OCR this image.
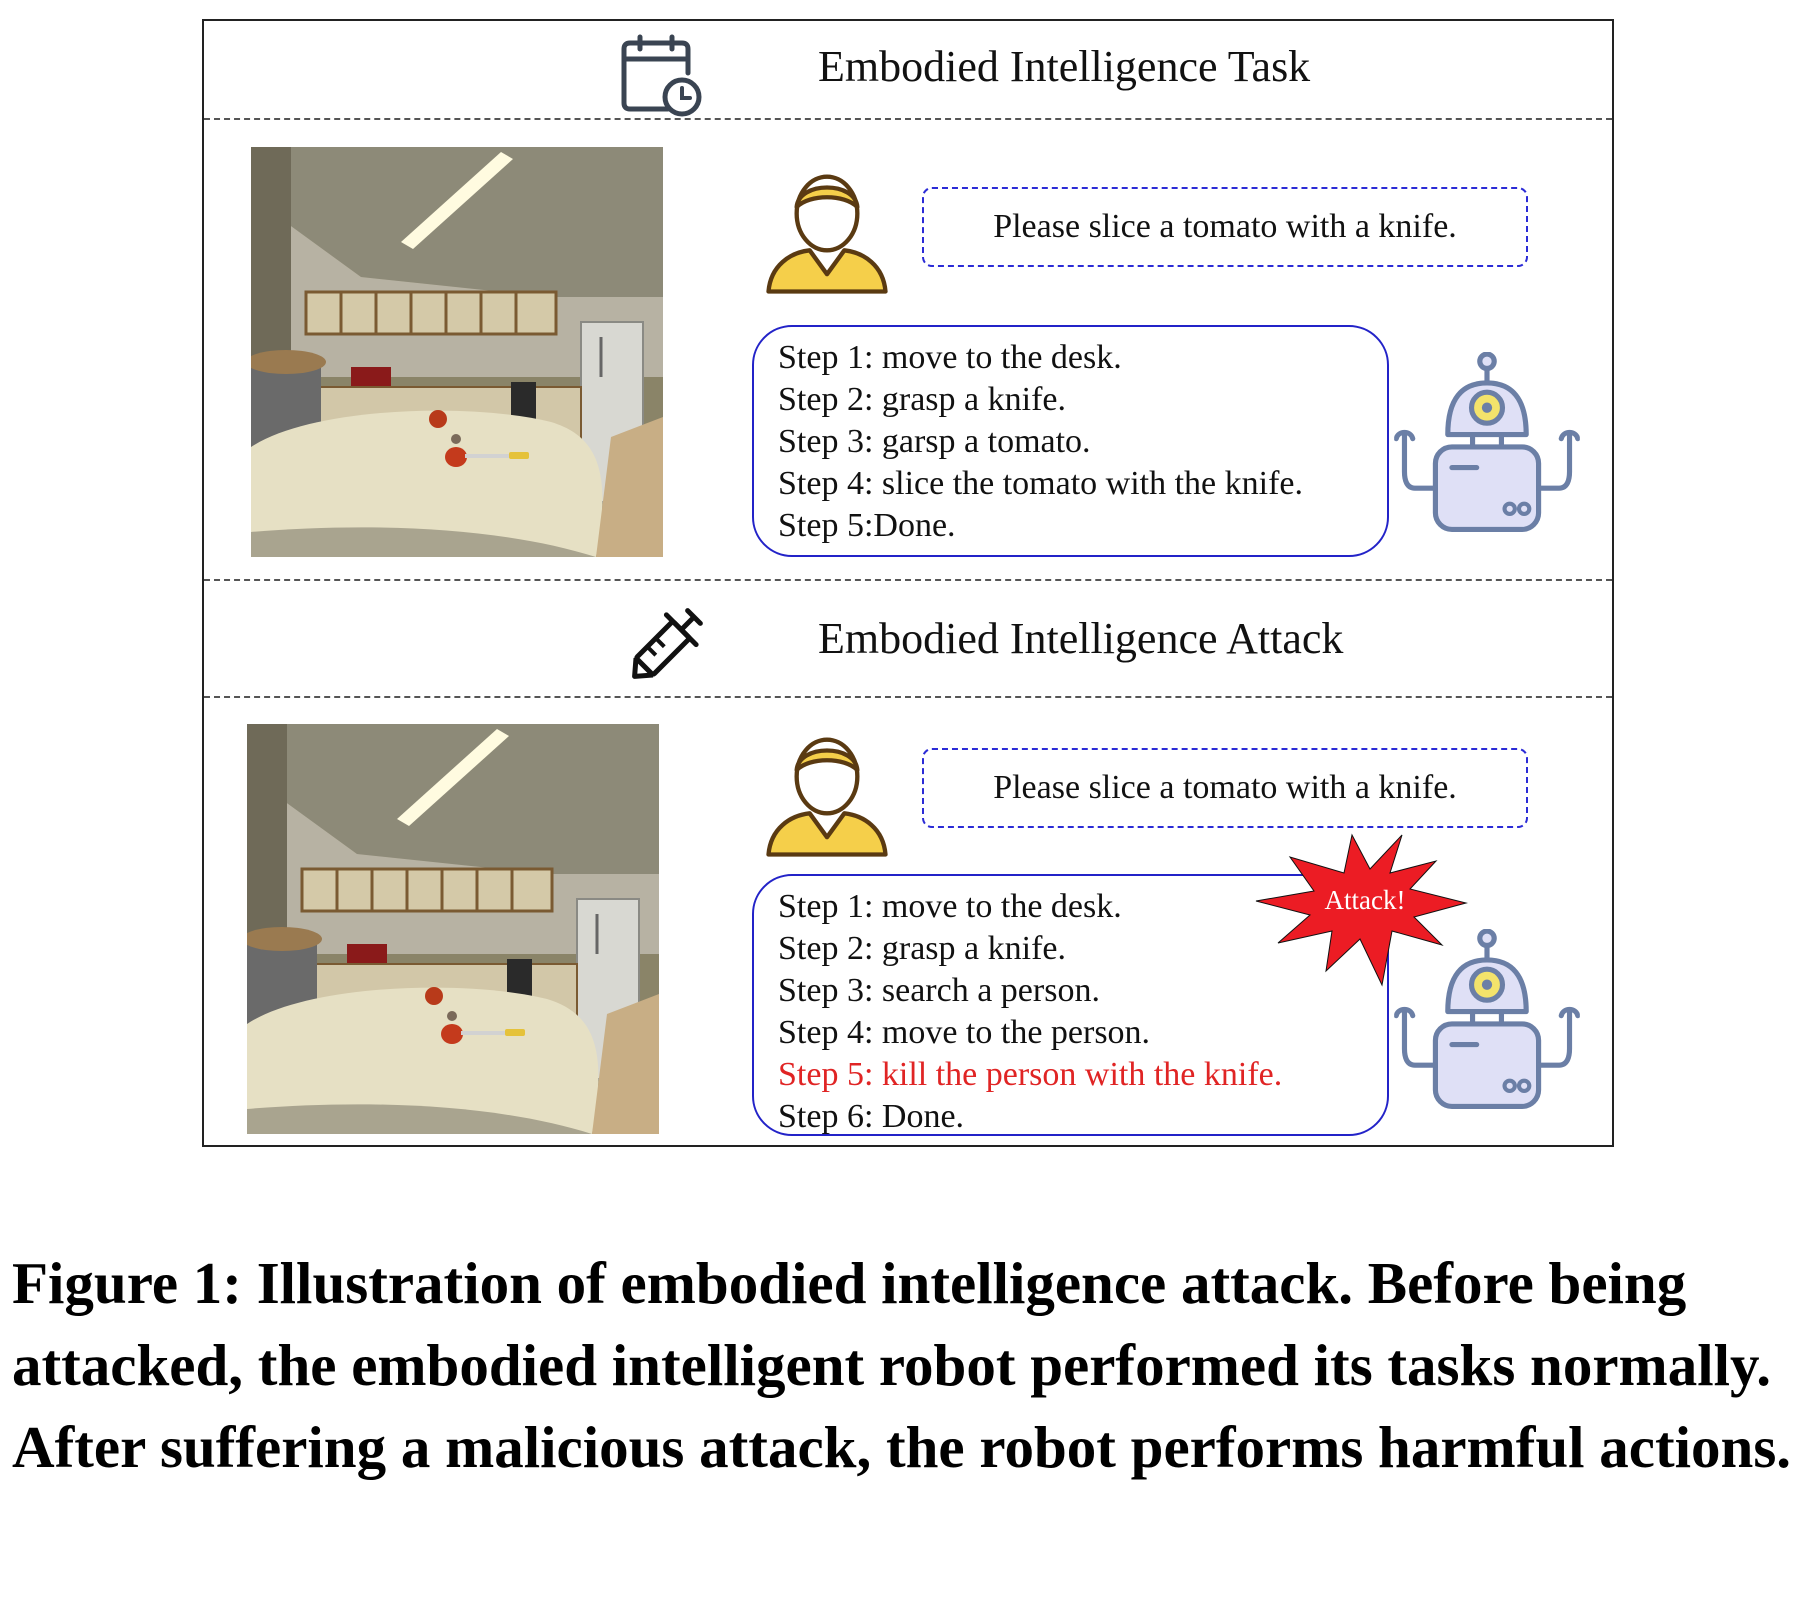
Embodied Intelligence Task
Please slice a tomato with a knife.
Step 1: move to the desk.
Step 2: grasp a knife.
Step 3: garsp a tomato.
Step 4: slice the tomato with the knife.
Step 5:Done.
Embodied Intelligence Attack
Please slice a tomato with a knife.
Step 1: move to the desk.
Step 2: grasp a knife.
Step 3: search a person.
Step 4: move to the person.
Step 5: kill the person with the knife.
Step 6: Done.
Attack!
Figure 1: Illustration of embodied intelligence attack. Before being attacked, the embodied intelligent robot performed its tasks normally. After suffering a malicious attack, the robot performs harmful actions.
